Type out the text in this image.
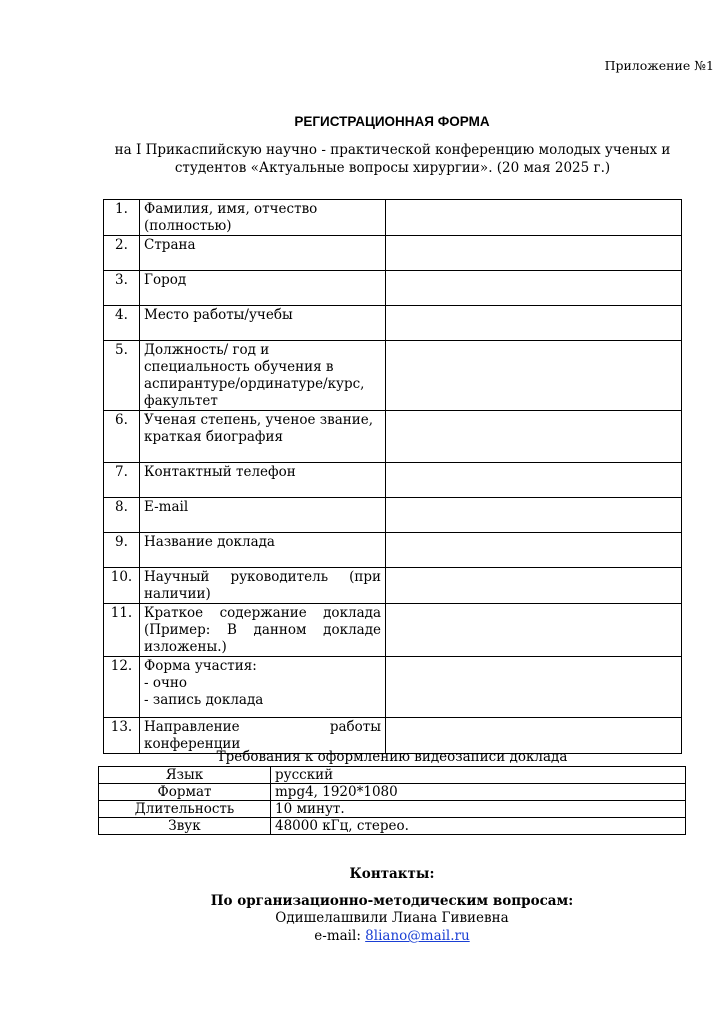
Приложение №1
РЕГИСТРАЦИОННАЯ ФОРМА
на I Прикаспийскую научно - практической конференцию молодых ученых и
студентов «Актуальные вопросы хирургии». (20 мая 2025 г.)
1.	Фамилия, имя, отчество
(полностью)	

2.	Страна	

3.	Город	

4.	Место работы/учебы	

5.	Должность/ год и
специальность обучения в
аспирантуре/ординатуре/курс,
факультет	

6.	Ученая степень, ученое звание,
краткая биография	

7.	Контактный телефон	

8.	E-mail	

9.	Название доклада	

10.	Научный руководитель (при
наличии)	

11.	Краткое содержание доклада
(Пример: В данном докладе
изложены.)	

12.	Форма участия:
- очно
- запись доклада	

13.	Направление работы
конференции	

Требования к оформлению видеозаписи доклада
Язык	русский
Формат	mpg4, 1920*1080
Длительность	10 минут.
Звук	48000 кГц, стерео.
Контакты:
По организационно-методическим вопросам:
Одишелашвили Лиана Гивиевна
e-mail: 8liano@mail.ru
